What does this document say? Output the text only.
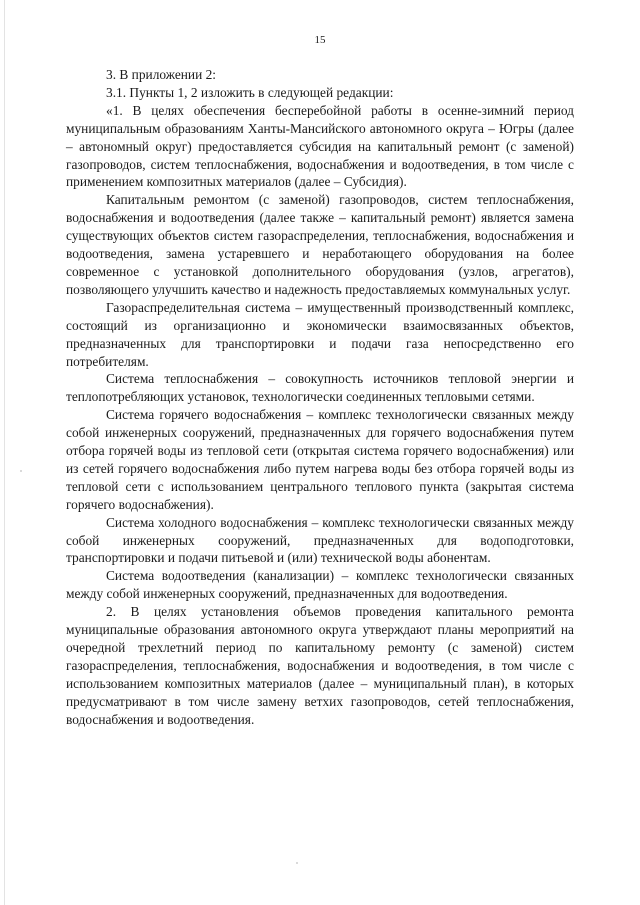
15

3. В приложении 2:

3.1. Пункты 1, 2 изложить в следующей редакции:

«1. В целях обеспечения бесперебойной работы в осенне-зимний период муниципальным образованиям Ханты-Мансийского автономного округа – Югры (далее – автономный округ) предоставляется субсидия на капитальный ремонт (с заменой) газопроводов, систем теплоснабжения, водоснабжения и водоотведения, в том числе с применением композитных материалов (далее – Субсидия).

Капитальным ремонтом (с заменой) газопроводов, систем теплоснабжения, водоснабжения и водоотведения (далее также – капитальный ремонт) является замена существующих объектов систем газораспределения, теплоснабжения, водоснабжения и водоотведения, замена устаревшего и неработающего оборудования на более современное с установкой дополнительного оборудования (узлов, агрегатов), позволяющего улучшить качество и надежность предоставляемых коммунальных услуг.

Газораспределительная система – имущественный производственный комплекс, состоящий из организационно и экономически взаимосвязанных объектов, предназначенных для транспортировки и подачи газа непосредственно его потребителям.

Система теплоснабжения – совокупность источников тепловой энергии и теплопотребляющих установок, технологически соединенных тепловыми сетями.

Система горячего водоснабжения – комплекс технологически связанных между собой инженерных сооружений, предназначенных для горячего водоснабжения путем отбора горячей воды из тепловой сети (открытая система горячего водоснабжения) или из сетей горячего водоснабжения либо путем нагрева воды без отбора горячей воды из тепловой сети с использованием центрального теплового пункта (закрытая система горячего водоснабжения).

Система холодного водоснабжения – комплекс технологически связанных между собой инженерных сооружений, предназначенных для водоподготовки, транспортировки и подачи питьевой и (или) технической воды абонентам.

Система водоотведения (канализации) – комплекс технологически связанных между собой инженерных сооружений, предназначенных для водоотведения.

2. В целях установления объемов проведения капитального ремонта муниципальные образования автономного округа утверждают планы мероприятий на очередной трехлетний период по капитальному ремонту (с заменой) систем газораспределения, теплоснабжения, водоснабжения и водоотведения, в том числе с использованием композитных материалов (далее – муниципальный план), в которых предусматривают в том числе замену ветхих газопроводов, сетей теплоснабжения, водоснабжения и водоотведения.
